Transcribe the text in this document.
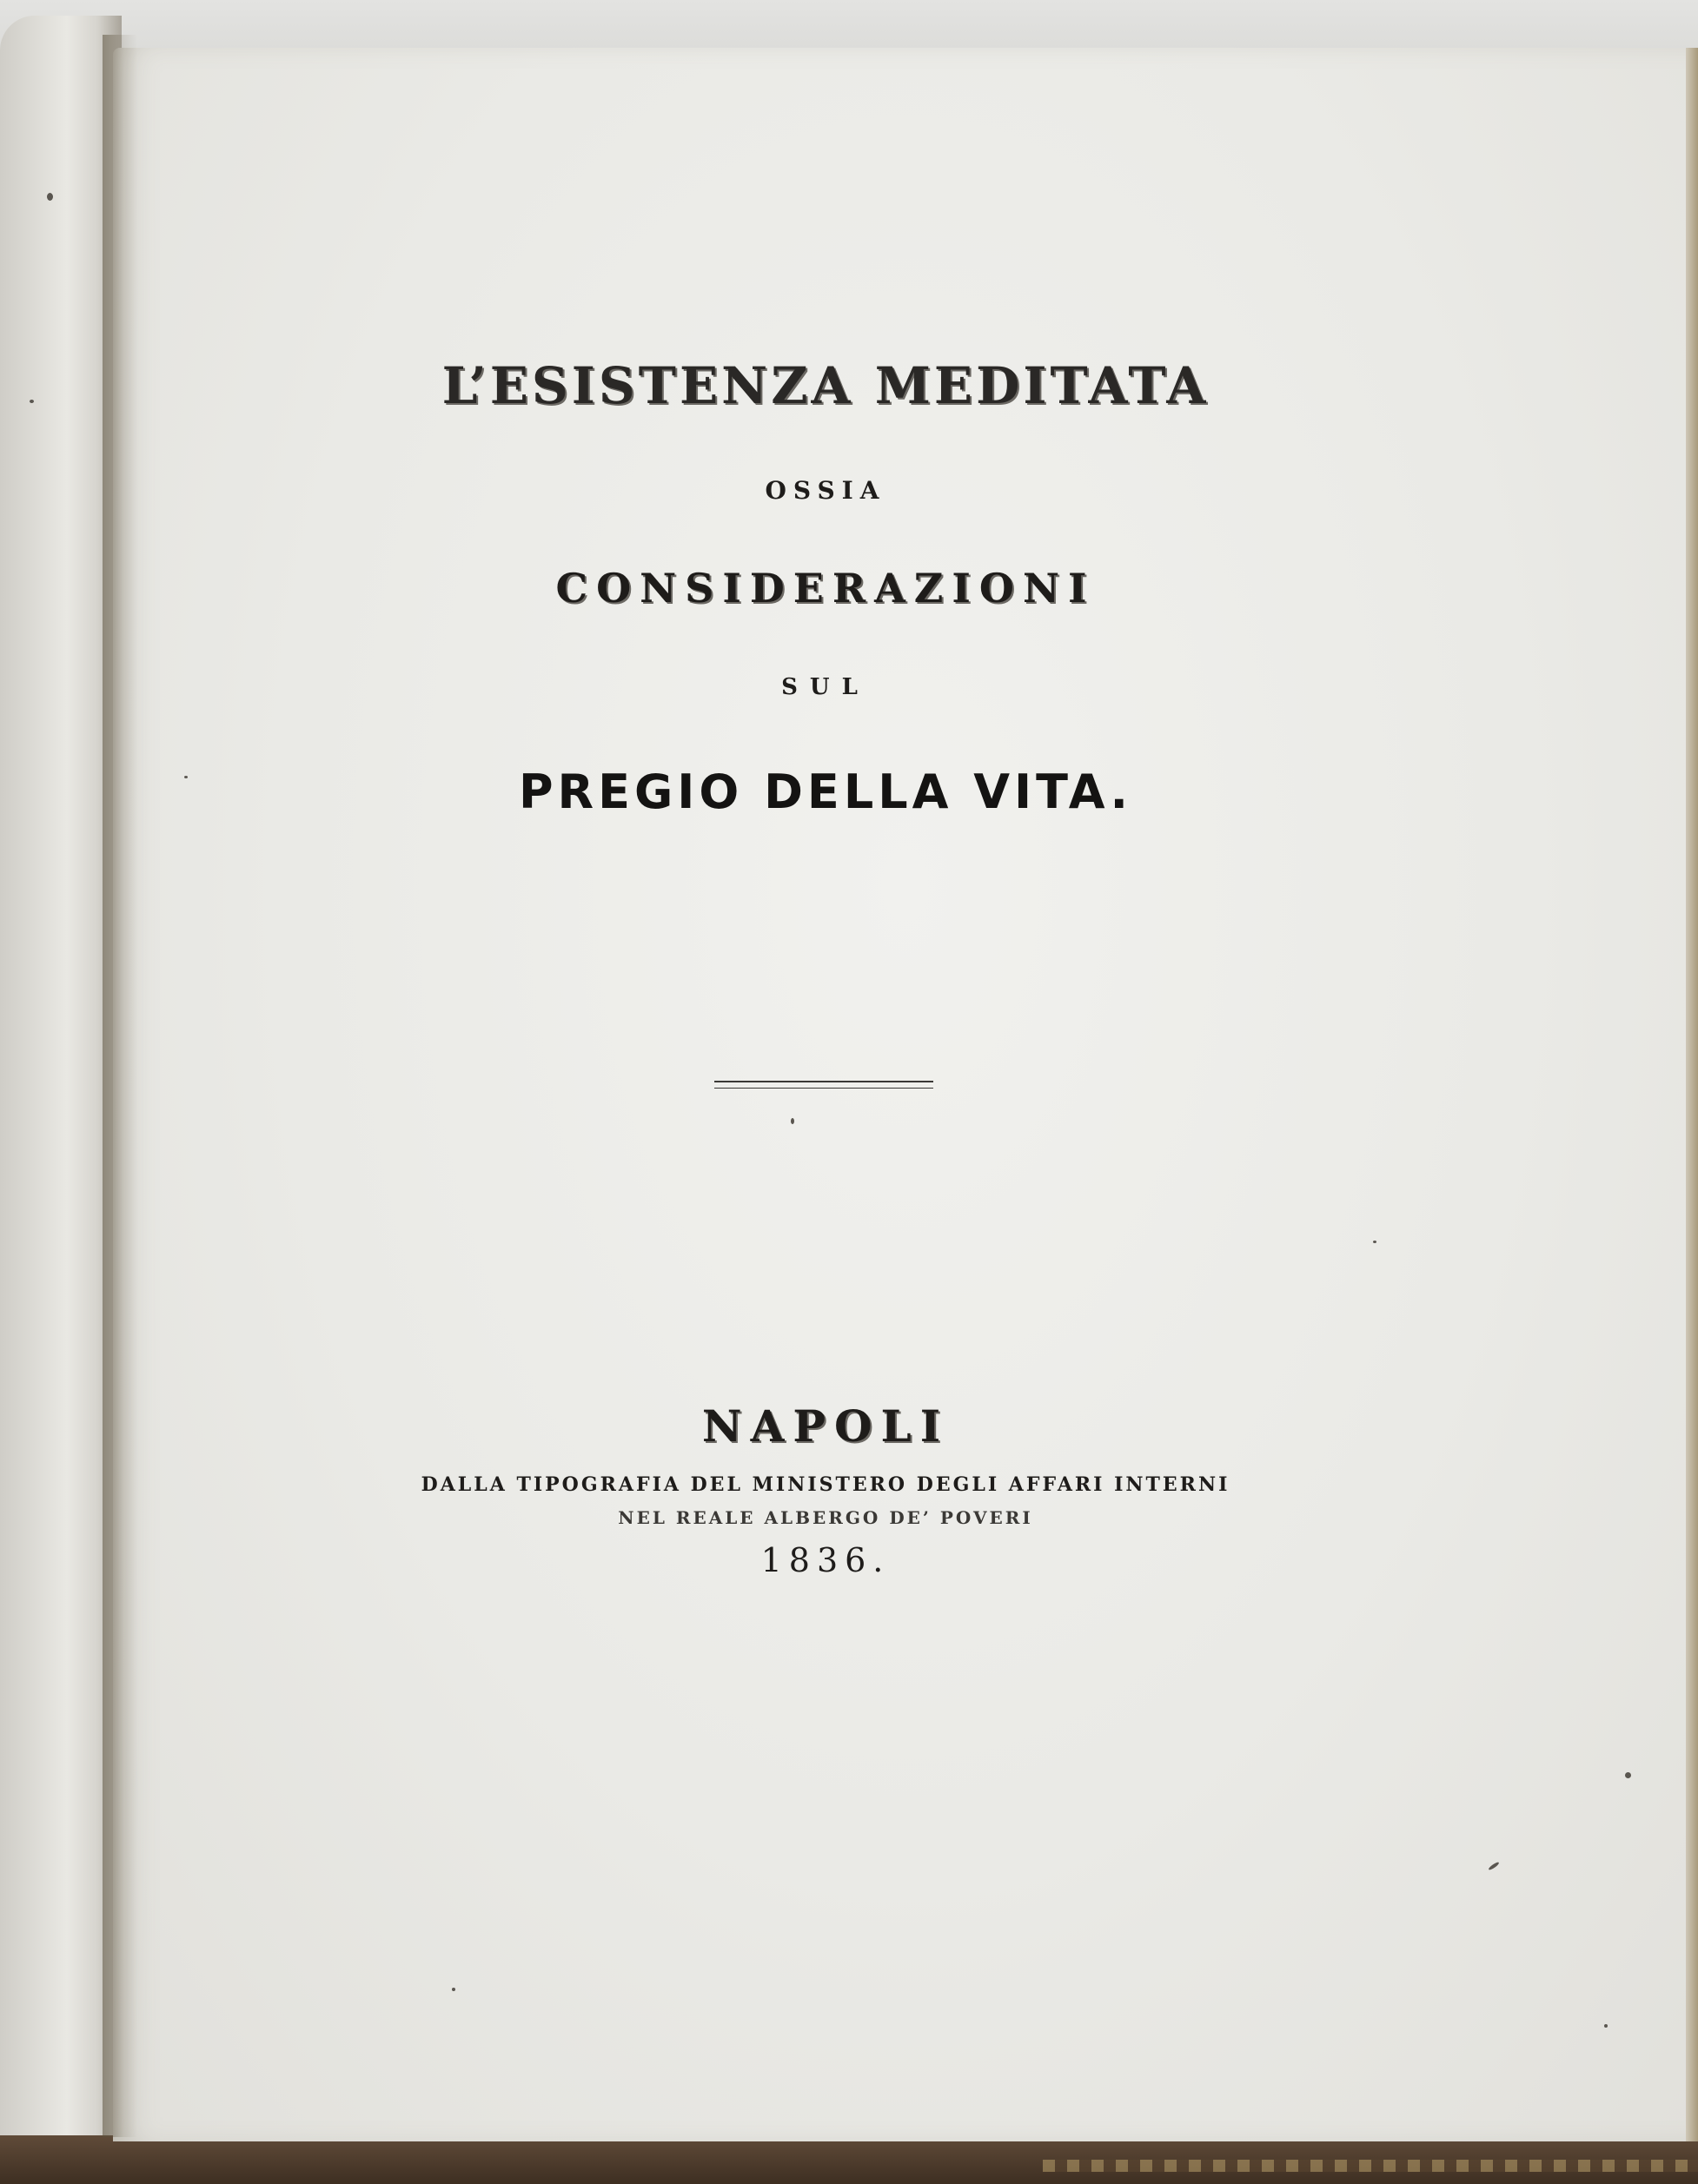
L’ESISTENZA MEDITATA
OSSIA
CONSIDERAZIONI
SUL
PREGIO DELLA VITA.
NAPOLI
DALLA TIPOGRAFIA DEL MINISTERO DEGLI AFFARI INTERNI
NEL REALE ALBERGO DE’ POVERI
1836.
